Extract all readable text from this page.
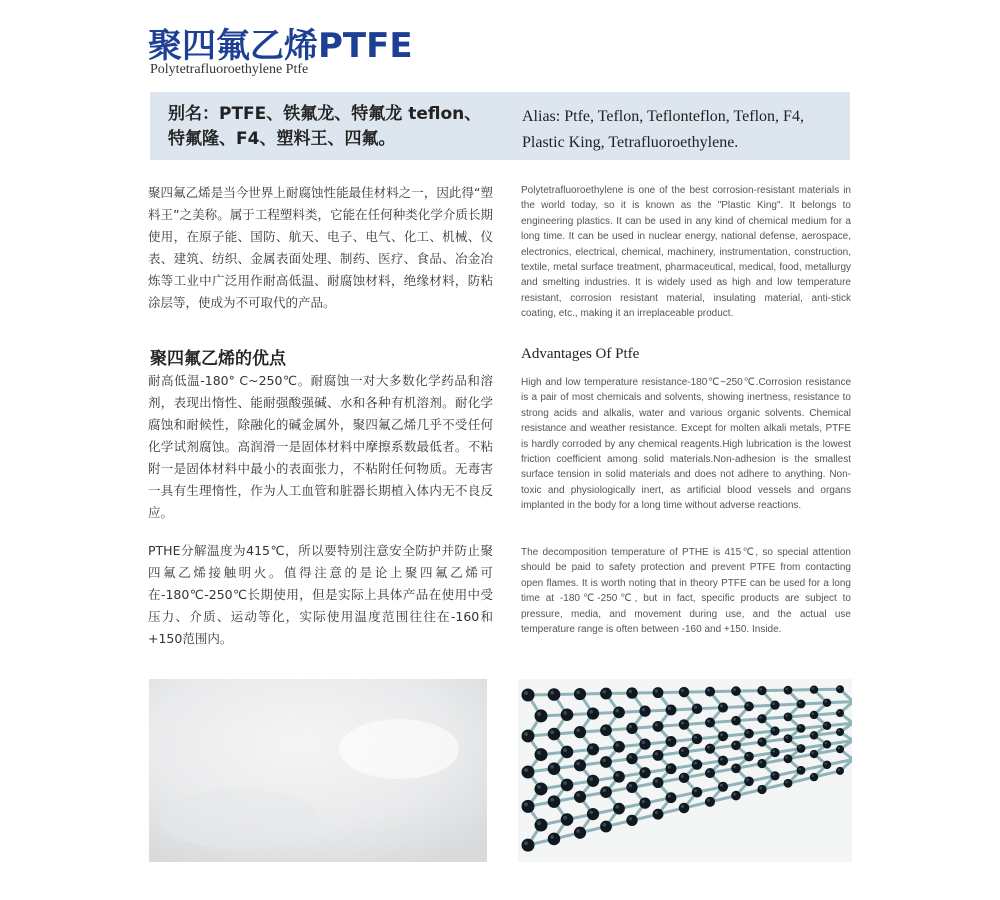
聚四氟乙烯PTFE
Polytetrafluoroethylene Ptfe
别名：PTFE、铁氟龙、特氟龙 teflon、特氟隆、F4、塑料王、四氟。
Alias: Ptfe, Teflon, Teflonteflon, Teflon, F4, Plastic King, Tetrafluoroethylene.
聚四氟乙烯是当今世界上耐腐蚀性能最佳材料之一，因此得“塑料王”之美称。属于工程塑料类，它能在任何种类化学介质长期使用，在原子能、国防、航天、电子、电气、化工、机械、仪表、建筑、纺织、金属表面处理、制药、医疗、食品、冶金冶炼等工业中广泛用作耐高低温、耐腐蚀材料，绝缘材料，防粘涂层等，使成为不可取代的产品。
Polytetrafluoroethylene is one of the best corrosion-resistant materials in the world today, so it is known as the "Plastic King". It belongs to engineering plastics. It can be used in any kind of chemical medium for a long time. It can be used in nuclear energy, national defense, aerospace, electronics, electrical, chemical, machinery, instrumentation, construction, textile, metal surface treatment, pharmaceutical, medical, food, metallurgy and smelting industries. It is widely used as high and low temperature resistant, corrosion resistant material, insulating material, anti-stick coating, etc., making it an irreplaceable product.
聚四氟乙烯的优点	Advantages Of Ptfe
耐高低温-180° C~250℃。耐腐蚀一对大多数化学药品和溶剂，表现出惰性、能耐强酸强碱、水和各种有机溶剂。耐化学腐蚀和耐候性，除融化的碱金属外，聚四氟乙烯几乎不受任何化学试剂腐蚀。高润滑一是固体材料中摩擦系数最低者。不粘附一是固体材料中最小的表面张力，不粘附任何物质。无毒害一具有生理惰性，作为人工血管和脏器长期植入体内无不良反应。
High and low temperature resistance-180℃~250℃.Corrosion resistance is a pair of most chemicals and solvents, showing inertness, resistance to strong acids and alkalis, water and various organic solvents. Chemical resistance and weather resistance. Except for molten alkali metals, PTFE is hardly corroded by any chemical reagents.High lubrication is the lowest friction coefficient among solid materials.Non-adhesion is the smallest surface tension in solid materials and does not adhere to anything. Non-toxic and physiologically inert, as artificial blood vessels and organs implanted in the body for a long time without adverse reactions.
PTHE分解温度为415℃，所以要特别注意安全防护并防止聚四氟乙烯接触明火。值得注意的是论上聚四氟乙烯可在-180℃-250℃长期使用，但是实际上具体产品在使用中受压力、介质、运动等化，实际使用温度范围往往在-160和+150范围内。
The decomposition temperature of PTHE is 415℃, so special attention should be paid to safety protection and prevent PTFE from contacting open flames. It is worth noting that in theory PTFE can be used for a long time at -180℃-250℃, but in fact, specific products are subject to pressure, media, and movement during use, and the actual use temperature range is often between -160 and +150. Inside.
